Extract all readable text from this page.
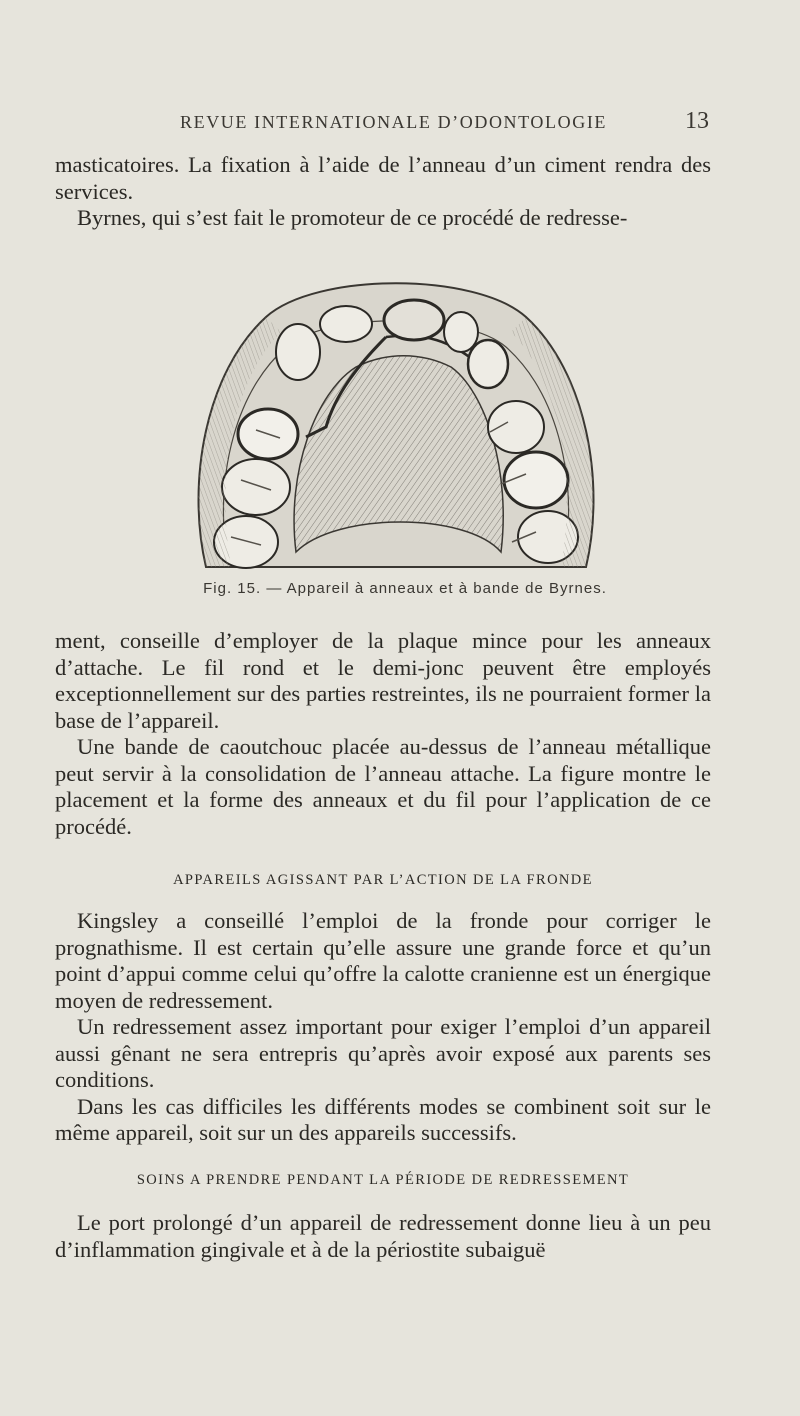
REVUE INTERNATIONALE D’ODONTOLOGIE	13

masticatoires. La fixation à l’aide de l’anneau d’un ciment rendra des services.

Byrnes, qui s’est fait le promoteur de ce procédé de redresse-

Fig. 15. — Appareil à anneaux et à bande de Byrnes.

ment, conseille d’employer de la plaque mince pour les anneaux d’attache. Le fil rond et le demi-jonc peuvent être employés exceptionnellement sur des parties restreintes, ils ne pourraient former la base de l’appareil.

Une bande de caoutchouc placée au-dessus de l’anneau métallique peut servir à la consolidation de l’anneau attache. La figure montre le placement et la forme des anneaux et du fil pour l’application de ce procédé.

APPAREILS AGISSANT PAR L’ACTION DE LA FRONDE

Kingsley a conseillé l’emploi de la fronde pour corriger le prognathisme. Il est certain qu’elle assure une grande force et qu’un point d’appui comme celui qu’offre la calotte cranienne est un énergique moyen de redressement.

Un redressement assez important pour exiger l’emploi d’un appareil aussi gênant ne sera entrepris qu’après avoir exposé aux parents ses conditions.

Dans les cas difficiles les différents modes se combinent soit sur le même appareil, soit sur un des appareils successifs.

SOINS A PRENDRE PENDANT LA PÉRIODE DE REDRESSEMENT

Le port prolongé d’un appareil de redressement donne lieu à un peu d’inflammation gingivale et à de la périostite subaiguë
